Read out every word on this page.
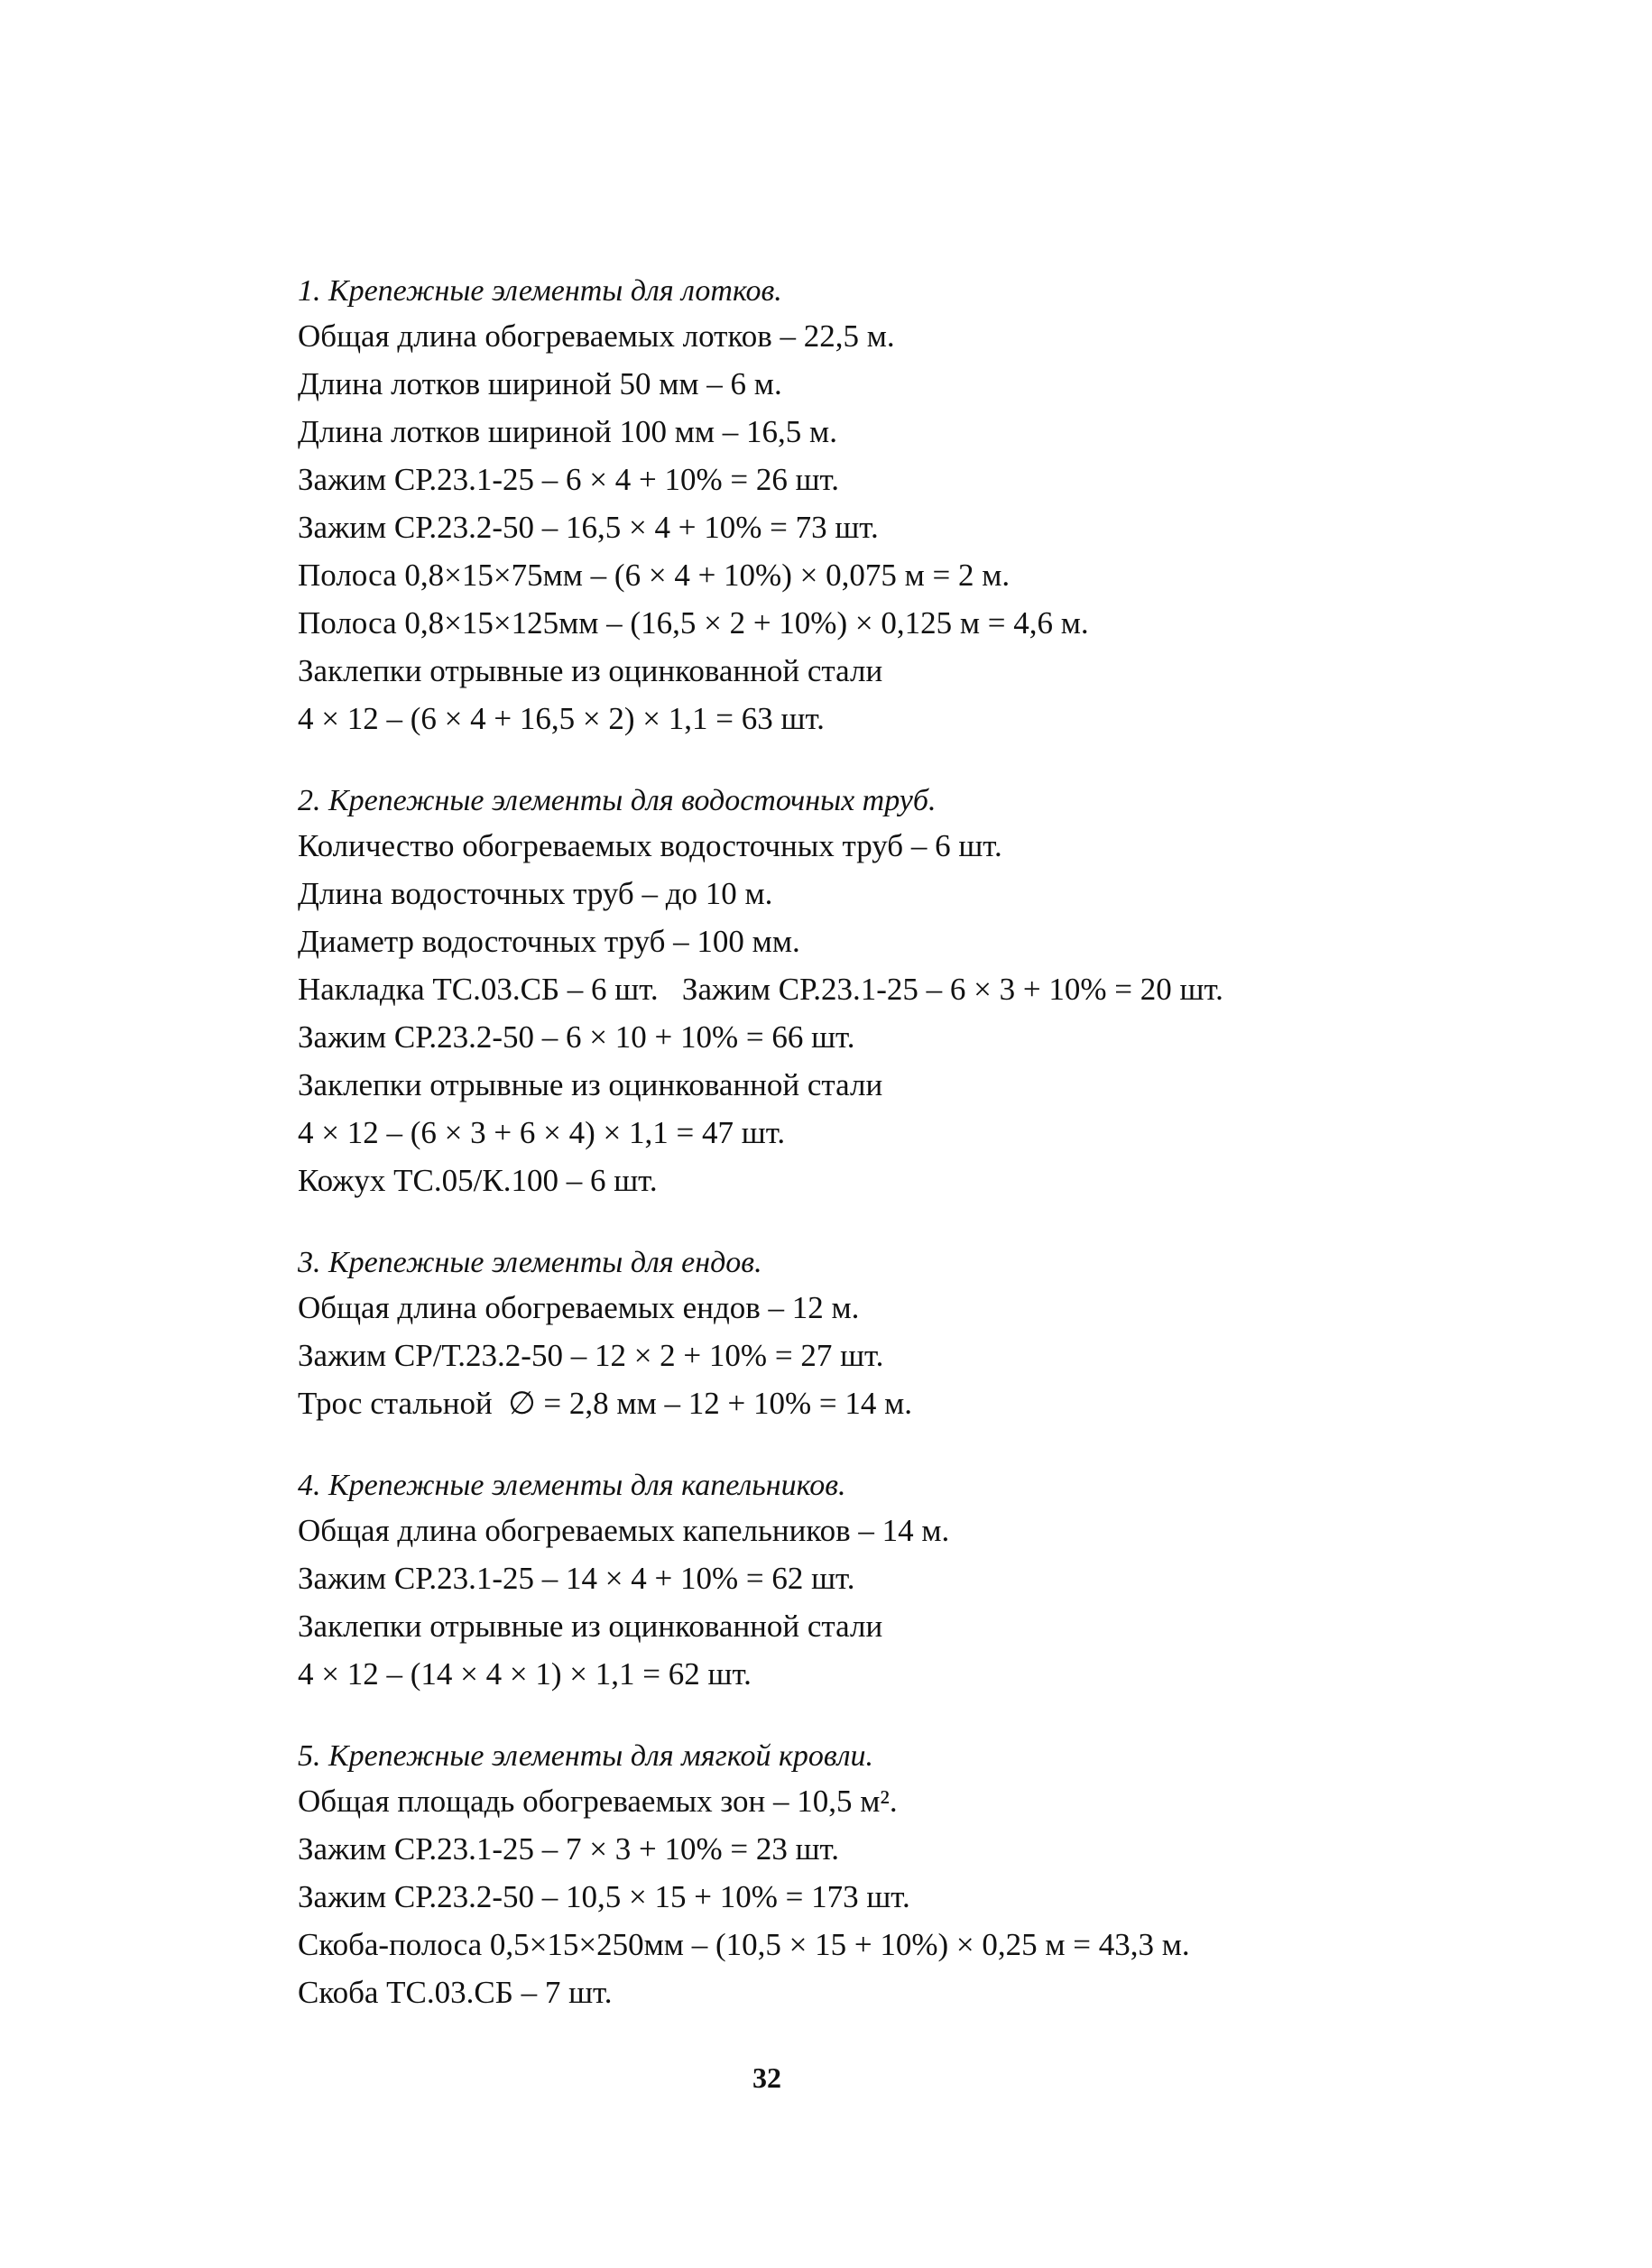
1. Крепежные элементы для лотков.

Общая длина обогреваемых лотков – 22,5 м.

Длина лотков шириной 50 мм – 6 м.

Длина лотков шириной 100 мм – 16,5 м.

Зажим СР.23.1-25 – 6 × 4 + 10% = 26 шт.

Зажим СР.23.2-50 – 16,5 × 4 + 10% = 73 шт.

Полоса 0,8×15×75мм – (6 × 4 + 10%) × 0,075 м = 2 м.

Полоса 0,8×15×125мм – (16,5 × 2 + 10%) × 0,125 м = 4,6 м.

Заклепки отрывные из оцинкованной стали

4 × 12 – (6 × 4 + 16,5 × 2) × 1,1 = 63 шт.

2. Крепежные элементы для водосточных труб.

Количество обогреваемых водосточных труб – 6 шт.

Длина водосточных труб – до 10 м.

Диаметр водосточных труб – 100 мм.

Накладка ТС.03.СБ – 6 шт.   Зажим СР.23.1-25 – 6 × 3 + 10% = 20 шт.

Зажим СР.23.2-50 – 6 × 10 + 10% = 66 шт.

Заклепки отрывные из оцинкованной стали

4 × 12 – (6 × 3 + 6 × 4) × 1,1 = 47 шт.

Кожух ТС.05/К.100 – 6 шт.

3. Крепежные элементы для ендов.

Общая длина обогреваемых ендов – 12 м.

Зажим СР/Т.23.2-50 – 12 × 2 + 10% = 27 шт.

Трос стальной  ∅ = 2,8 мм – 12 + 10% = 14 м.

4. Крепежные элементы для капельников.

Общая длина обогреваемых капельников – 14 м.

Зажим СР.23.1-25 – 14 × 4 + 10% = 62 шт.

Заклепки отрывные из оцинкованной стали

4 × 12 – (14 × 4 × 1) × 1,1 = 62 шт.

5. Крепежные элементы для мягкой кровли.

Общая площадь обогреваемых зон – 10,5 м².

Зажим СР.23.1-25 – 7 × 3 + 10% = 23 шт.

Зажим СР.23.2-50 – 10,5 × 15 + 10% = 173 шт.

Скоба-полоса 0,5×15×250мм – (10,5 × 15 + 10%) × 0,25 м = 43,3 м.

Скоба ТС.03.СБ – 7 шт.

32
